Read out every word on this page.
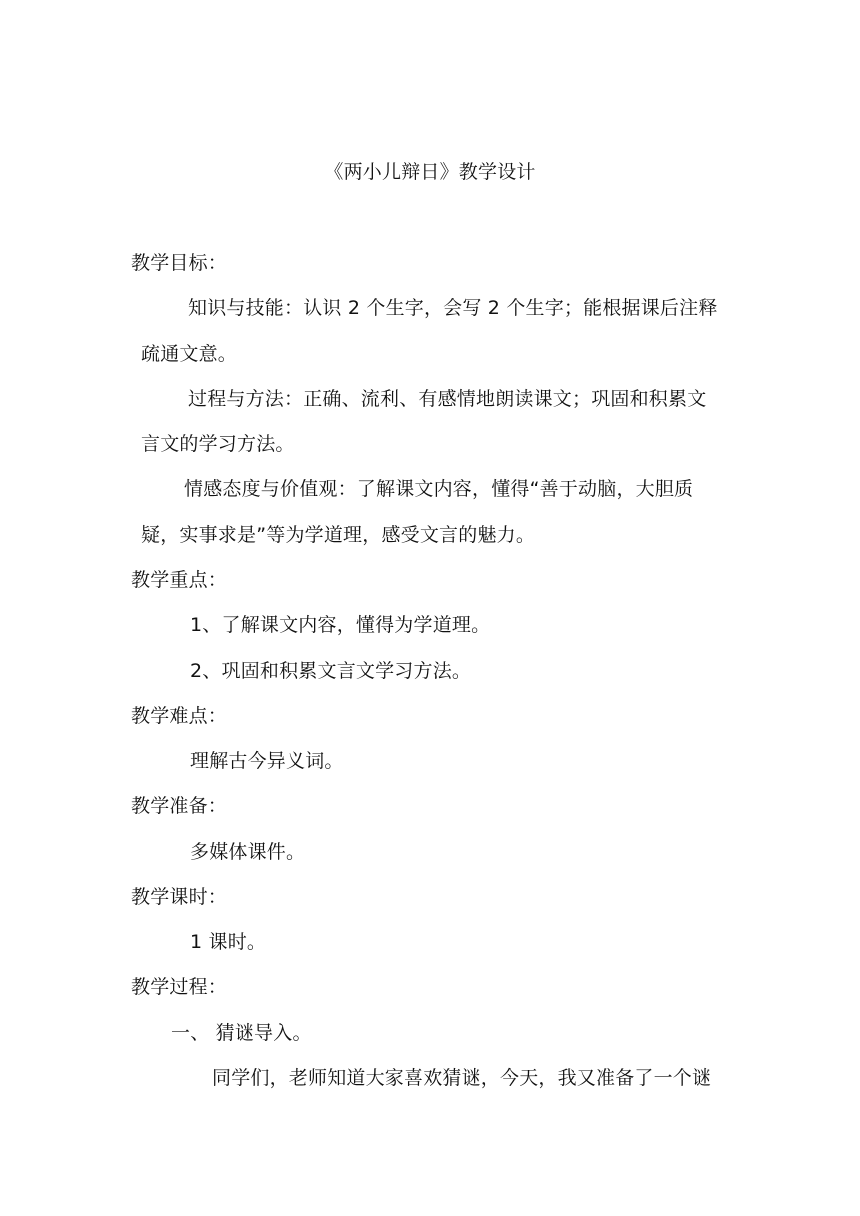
《两小儿辩日》教学设计
教学目标：
知识与技能：认识 2 个生字，会写 2 个生字；能根据课后注释
疏通文意。
过程与方法：正确、流利、有感情地朗读课文；巩固和积累文
言文的学习方法。
情感态度与价值观：了解课文内容，懂得“善于动脑，大胆质
疑，实事求是”等为学道理，感受文言的魅力。
教学重点：
1、了解课文内容，懂得为学道理。
2、巩固和积累文言文学习方法。
教学难点：
理解古今异义词。
教学准备：
多媒体课件。
教学课时：
1 课时。
教学过程：
一、 猜谜导入。
同学们，老师知道大家喜欢猜谜，今天，我又准备了一个谜
